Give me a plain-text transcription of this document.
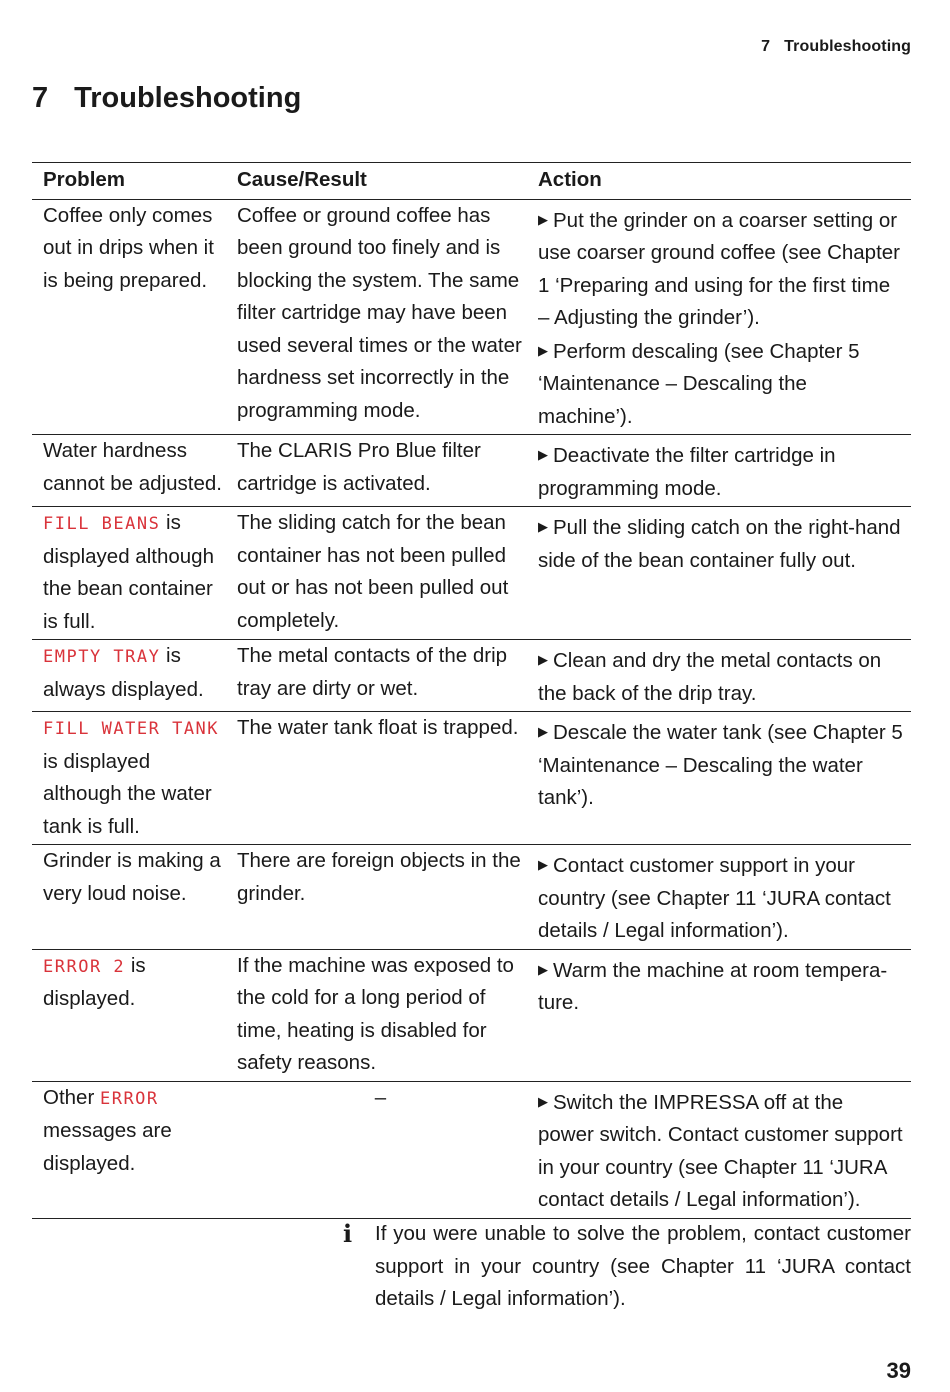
7 Troubleshooting
7 Troubleshooting
Problem	Cause/Result	Action
Coffee only comes out in drips when it is being prepared.	Coffee or ground coffee has been ground too finely and is blocking the system. The same filter cartridge may have been used several times or the water hardness set incorrectly in the programming mode.	▶ Put the grinder on a coarser setting or use coarser ground coffee (see Chapter 1 ‘Preparing and using for the first time – Adjusting the grinder’).
▶ Perform descaling (see Chapter 5 ‘Maintenance – Descaling the machine’).

Water hardness cannot be adjusted.	The CLARIS Pro Blue filter cartridge is activated.	▶ Deactivate the filter cartridge in programming mode.

FILL BEANS is displayed although the bean container is full.	The sliding catch for the bean container has not been pulled out or has not been pulled out completely.	▶ Pull the sliding catch on the right-hand side of the bean container fully out.

EMPTY TRAY is always displayed.	The metal contacts of the drip tray are dirty or wet.	▶ Clean and dry the metal contacts on the back of the drip tray.

FILL WATER TANK is displayed although the water tank is full.	The water tank float is trapped.	▶ Descale the water tank (see Chapter 5 ‘Maintenance – Descaling the water tank’).

Grinder is making a very loud noise.	There are foreign objects in the grinder.	▶ Contact customer support in your country (see Chapter 11 ‘JURA contact details / Legal information’).

ERROR 2 is displayed.	If the machine was exposed to the cold for a long period of time, heating is disabled for safety reasons.	▶ Warm the machine at room tempera-ture.

Other ERROR messages are displayed.	–	▶ Switch the IMPRESSA off at the power switch. Contact customer support in your country (see Chapter 11 ‘JURA contact details / Legal information’).
i	If you were unable to solve the problem, contact customer support in your country (see Chapter 11 ‘JURA contact details / Legal information’).
39
